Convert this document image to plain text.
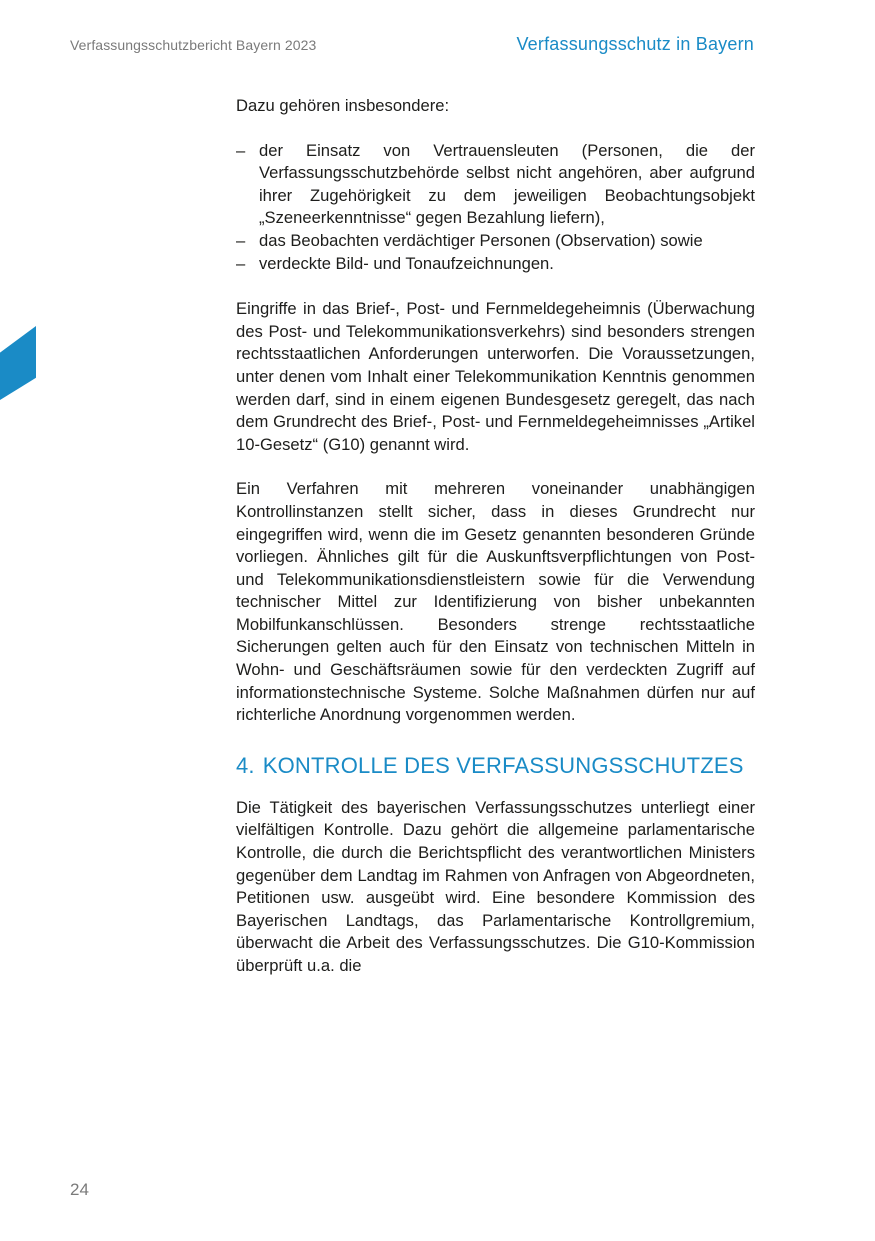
Verfassungsschutzbericht Bayern 2023	Verfassungsschutz in Bayern

Dazu gehören insbesondere:

– der Einsatz von Vertrauensleuten (Personen, die der Verfassungsschutzbehörde selbst nicht angehören, aber aufgrund ihrer Zugehörigkeit zu dem jeweiligen Beobachtungsobjekt „Szeneerkenntnisse“ gegen Bezahlung liefern),
– das Beobachten verdächtiger Personen (Observation) sowie
– verdeckte Bild- und Tonaufzeichnungen.

Eingriffe in das Brief-, Post- und Fernmeldegeheimnis (Überwachung des Post- und Telekommunikationsverkehrs) sind besonders strengen rechtsstaatlichen Anforderungen unterworfen. Die Voraussetzungen, unter denen vom Inhalt einer Telekommunikation Kenntnis genommen werden darf, sind in einem eigenen Bundesgesetz geregelt, das nach dem Grundrecht des Brief-, Post- und Fernmeldegeheimnisses „Artikel 10-Gesetz“ (G10) genannt wird.

Ein Verfahren mit mehreren voneinander unabhängigen Kontrollinstanzen stellt sicher, dass in dieses Grundrecht nur eingegriffen wird, wenn die im Gesetz genannten besonderen Gründe vorliegen. Ähnliches gilt für die Auskunftsverpflichtungen von Post- und Telekommunikationsdienstleistern sowie für die Verwendung technischer Mittel zur Identifizierung von bisher unbekannten Mobilfunkanschlüssen. Besonders strenge rechtsstaatliche Sicherungen gelten auch für den Einsatz von technischen Mitteln in Wohn- und Geschäftsräumen sowie für den verdeckten Zugriff auf informationstechnische Systeme. Solche Maßnahmen dürfen nur auf richterliche Anordnung vorgenommen werden.

4. KONTROLLE DES VERFASSUNGSSCHUTZES

Die Tätigkeit des bayerischen Verfassungsschutzes unterliegt einer vielfältigen Kontrolle. Dazu gehört die allgemeine parlamentarische Kontrolle, die durch die Berichtspflicht des verantwortlichen Ministers gegenüber dem Landtag im Rahmen von Anfragen von Abgeordneten, Petitionen usw. ausgeübt wird. Eine besondere Kommission des Bayerischen Landtags, das Parlamentarische Kontrollgremium, überwacht die Arbeit des Verfassungsschutzes. Die G10-Kommission überprüft u.a. die

24
